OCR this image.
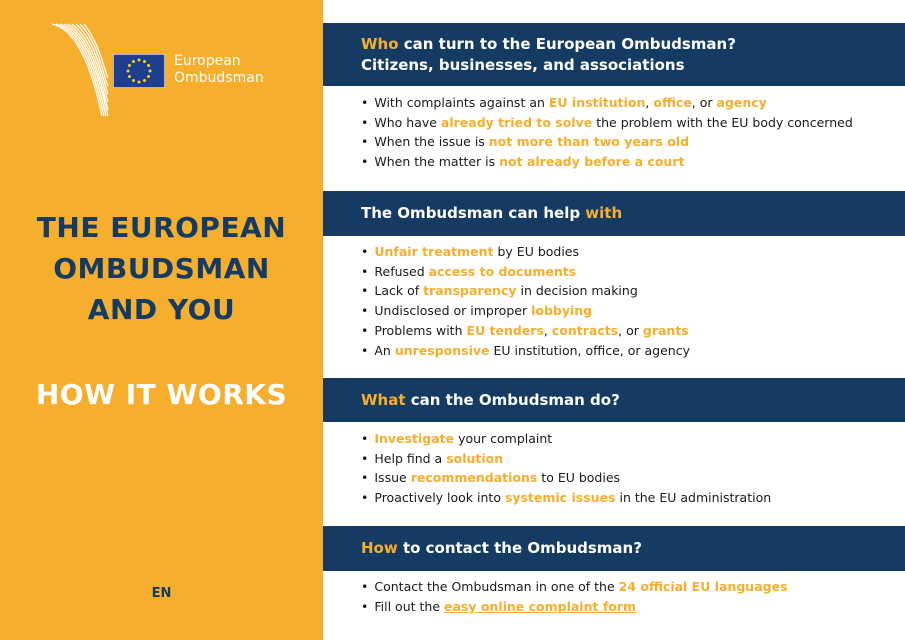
European
Ombudsman
THE EUROPEAN
OMBUDSMAN
AND YOU
HOW IT WORKS
EN
Who can turn to the European Ombudsman?
Citizens, businesses, and associations
• With complaints against an EU institution, office, or agency
• Who have already tried to solve the problem with the EU body concerned
• When the issue is not more than two years old
• When the matter is not already before a court
The Ombudsman can help with
• Unfair treatment by EU bodies
• Refused access to documents
• Lack of transparency in decision making
• Undisclosed or improper lobbying
• Problems with EU tenders, contracts, or grants
• An unresponsive EU institution, office, or agency
What can the Ombudsman do?
• Investigate your complaint
• Help find a solution
• Issue recommendations to EU bodies
• Proactively look into systemic issues in the EU administration
How to contact the Ombudsman?
• Contact the Ombudsman in one of the 24 official EU languages
• Fill out the easy online complaint form
